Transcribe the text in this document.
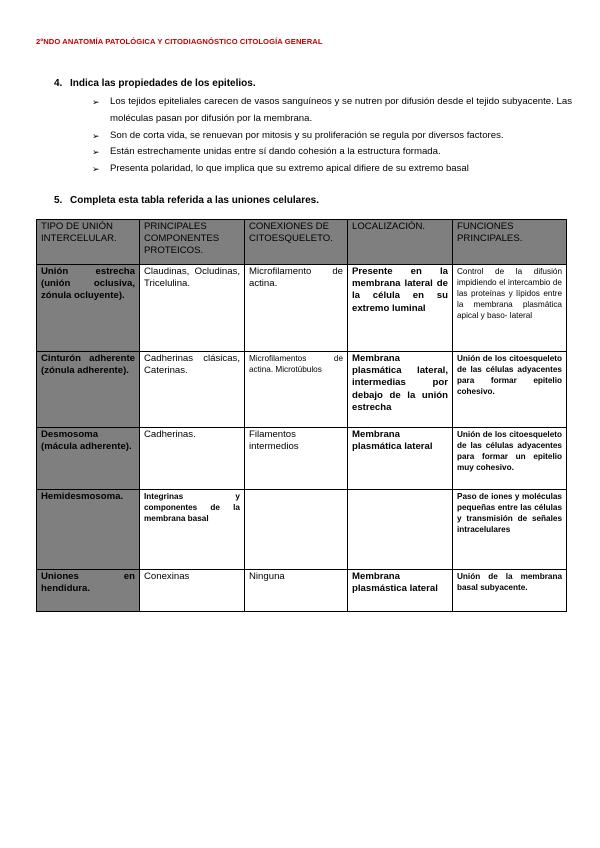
2ºNDO ANATOMÍA PATOLÓGICA Y CITODIAGNÓSTICO CITOLOGÍA GENERAL
4. Indica las propiedades de los epitelios.
➢ Los tejidos epiteliales carecen de vasos sanguíneos y se nutren por difusión desde el tejido subyacente. Las moléculas pasan por difusión por la membrana.
➢ Son de corta vida, se renuevan por mitosis y su proliferación se regula por diversos factores.
➢ Están estrechamente unidas entre sí dando cohesión a la estructura formada.
➢ Presenta polaridad, lo que implica que su extremo apical difiere de su extremo basal
5. Completa esta tabla referida a las uniones celulares.
TIPO DE UNIÓN INTERCELULAR.	PRINCIPALES COMPONENTES PROTEICOS.	CONEXIONES DE CITOESQUELETO.	LOCALIZACIÓN.	FUNCIONES PRINCIPALES.
Unión estrecha (unión oclusiva, zónula ocluyente).	Claudinas, Ocludinas, Tricelulina.	Microfilamento de actina.	Presente en la membrana lateral de la célula en su extremo luminal	Control de la difusión impidiendo el intercambio de las proteínas y lípidos entre la membrana plasmática apical y baso- lateral
Cinturón adherente (zónula adherente).	Cadherinas clásicas, Caterinas.	Microfilamentos de actina. Microtúbulos	Membrana plasmática lateral, intermedias por debajo de la unión estrecha	Unión de los citoesqueleto de las células adyacentes para formar epitelio cohesivo.
Desmosoma (mácula adherente).	Cadherinas.	Filamentos intermedios	Membrana plasmática lateral	Unión de los citoesqueleto de las células adyacentes para formar un epitelio muy cohesivo.
Hemidesmosoma.	Integrinas y componentes de la membrana basal			Paso de iones y moléculas pequeñas entre las células y transmisión de señales intracelulares
Uniones en hendidura.	Conexinas	Ninguna	Membrana plasmástica lateral	Unión de la membrana basal subyacente.
